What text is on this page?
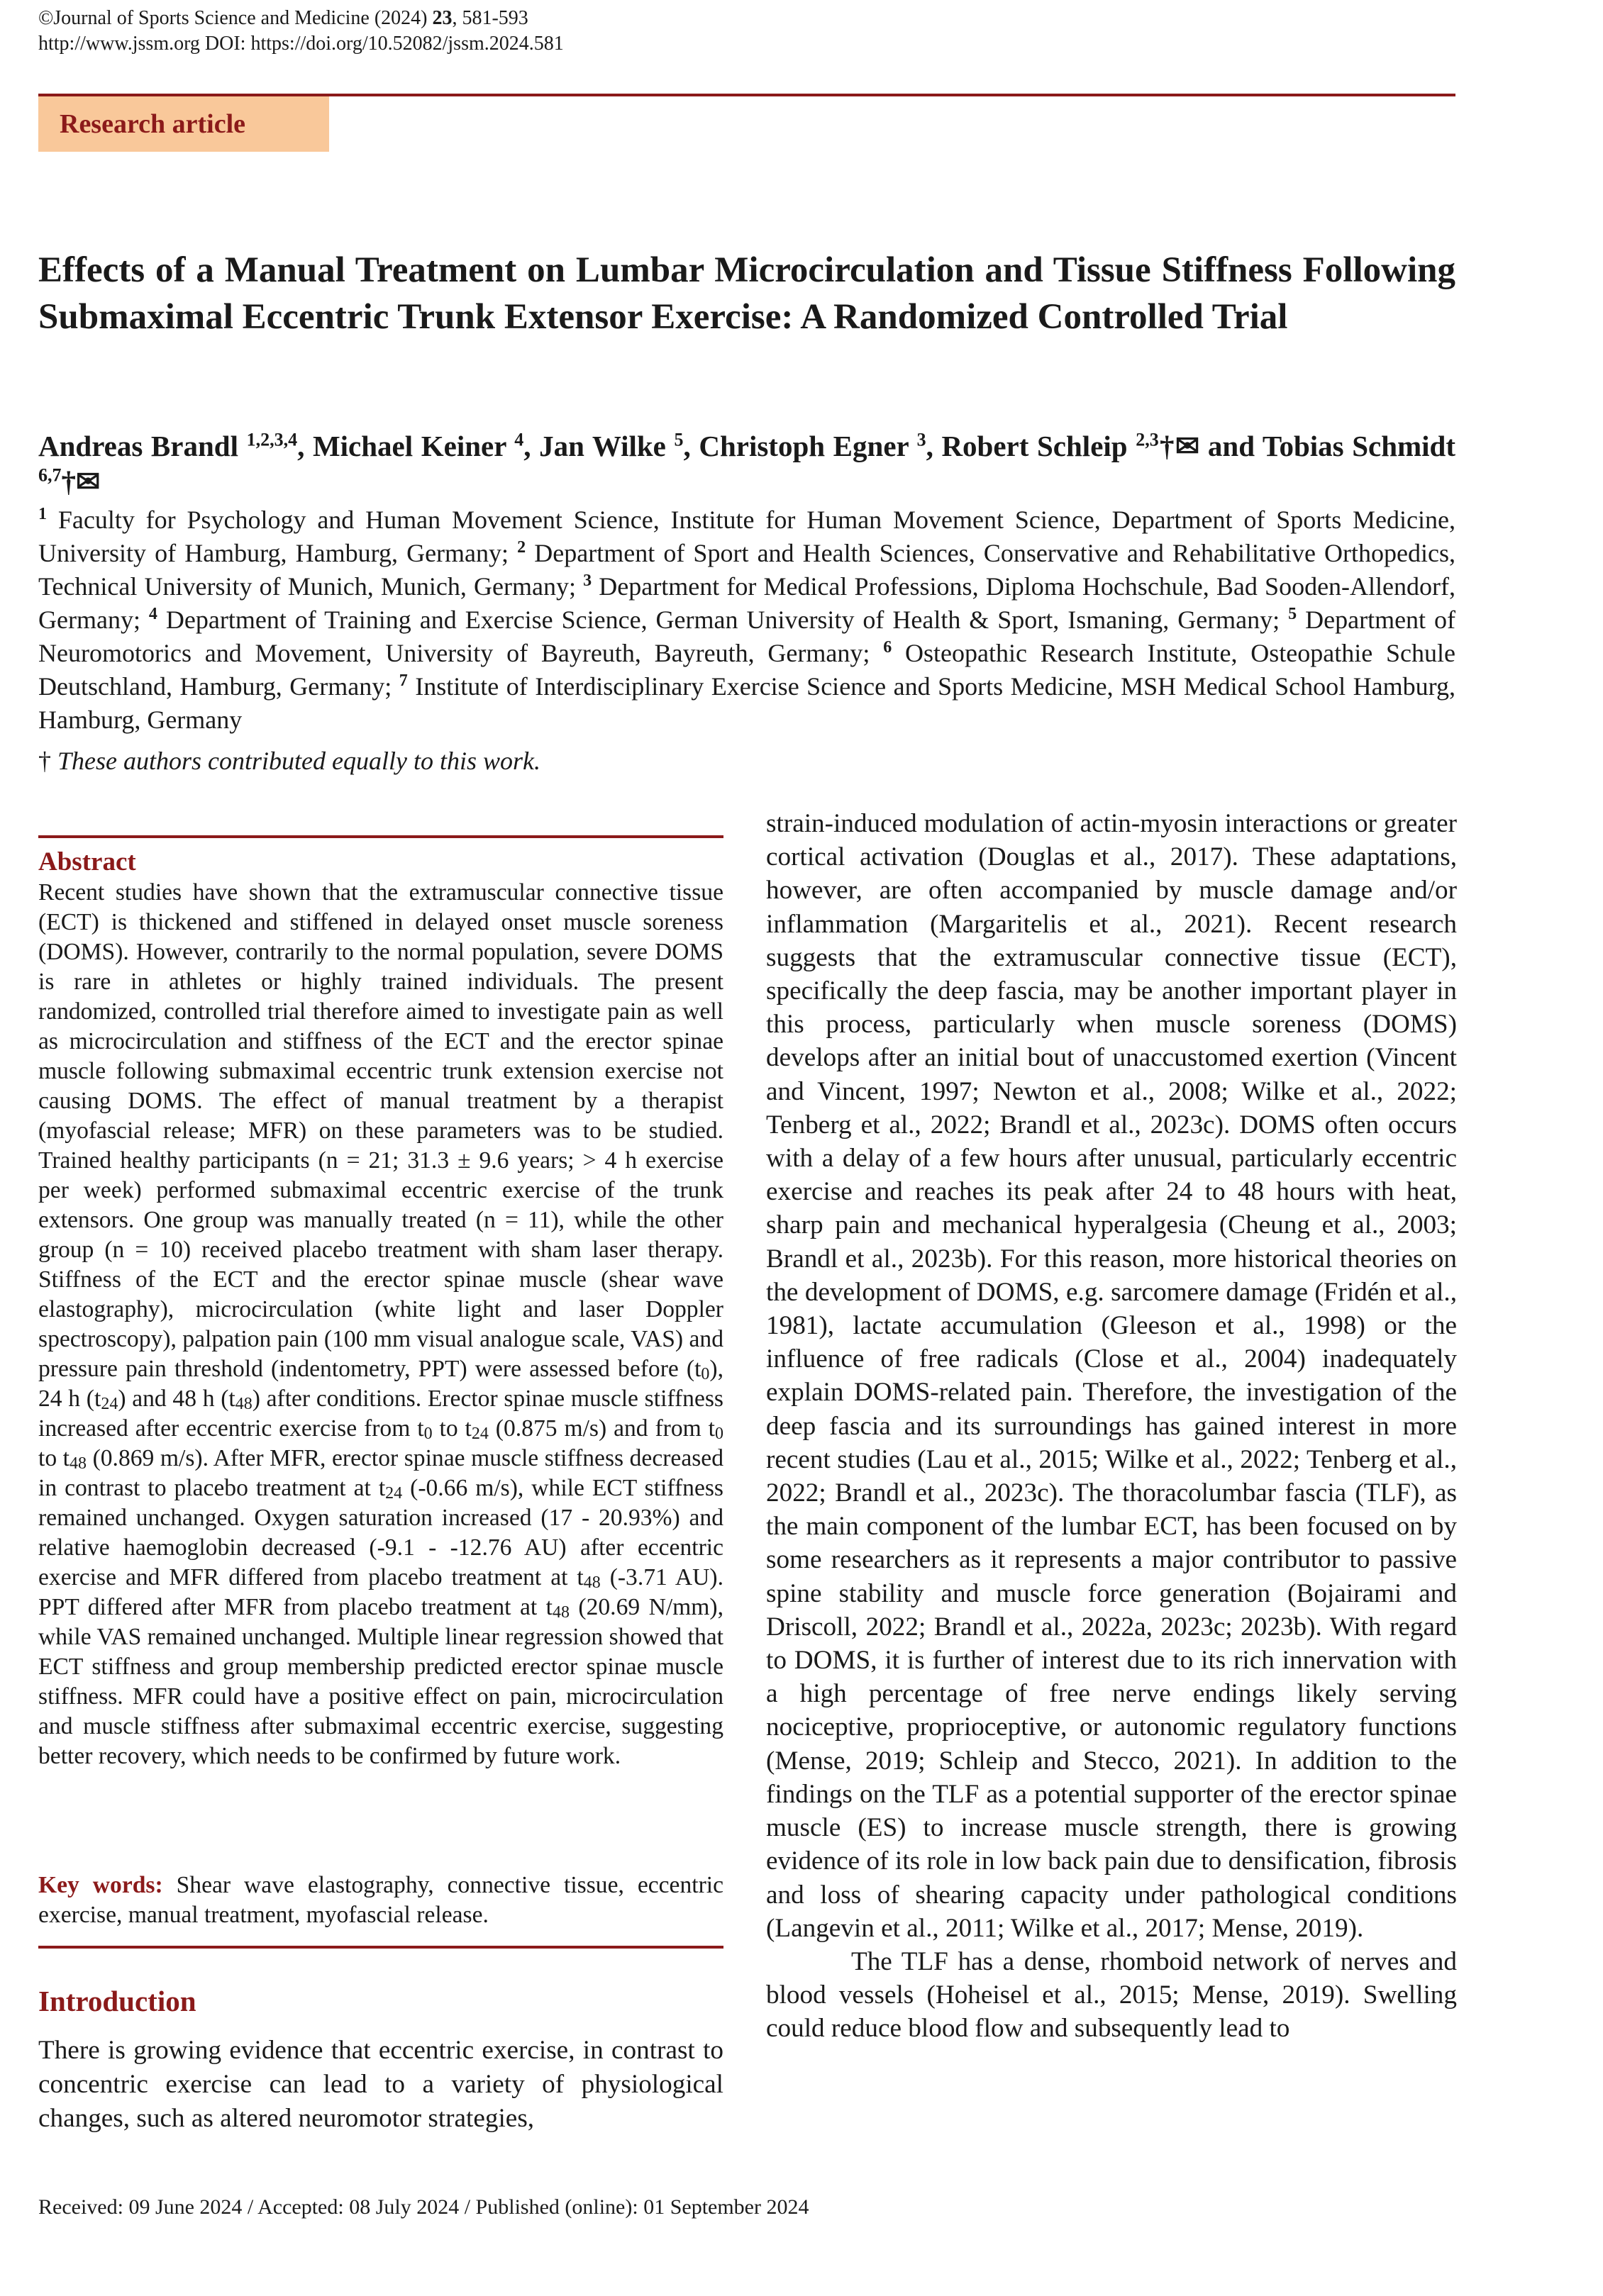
©Journal of Sports Science and Medicine (2024) 23, 581-593
http://www.jssm.org DOI: https://doi.org/10.52082/jssm.2024.581
Research article
Effects of a Manual Treatment on Lumbar Microcirculation and Tissue Stiffness Following Submaximal Eccentric Trunk Extensor Exercise: A Randomized Controlled Trial
Andreas Brandl $^{1,2,3,4}$, Michael Keiner $^4$, Jan Wilke $^5$, Christoph Egner $^3$, Robert Schleip $^{2,3}$†✉ and Tobias Schmidt $^{6,7}$†✉
$^1$ Faculty for Psychology and Human Movement Science, Institute for Human Movement Science, Department of Sports Medicine, University of Hamburg, Hamburg, Germany; $^2$ Department of Sport and Health Sciences, Conservative and Rehabilitative Orthopedics, Technical University of Munich, Munich, Germany; $^3$ Department for Medical Professions, Diploma Hochschule, Bad Sooden-Allendorf, Germany; $^4$ Department of Training and Exercise Science, German University of Health & Sport, Ismaning, Germany; $^5$ Department of Neuromotorics and Movement, University of Bayreuth, Bayreuth, Germany; $^6$ Osteopathic Research Institute, Osteopathie Schule Deutschland, Hamburg, Germany; $^7$ Institute of Interdisciplinary Exercise Science and Sports Medicine, MSH Medical School Hamburg, Hamburg, Germany
† These authors contributed equally to this work.
Abstract
Recent studies have shown that the extramuscular connective tissue (ECT) is thickened and stiffened in delayed onset muscle soreness (DOMS). However, contrarily to the normal population, severe DOMS is rare in athletes or highly trained individuals. The present randomized, controlled trial therefore aimed to investigate pain as well as microcirculation and stiffness of the ECT and the erector spinae muscle following submaximal eccentric trunk extension exercise not causing DOMS. The effect of manual treatment by a therapist (myofascial release; MFR) on these parameters was to be studied. Trained healthy participants (n = 21; 31.3 ± 9.6 years; > 4 h exercise per week) performed submaximal eccentric exercise of the trunk extensors. One group was manually treated (n = 11), while the other group (n = 10) received placebo treatment with sham laser therapy. Stiffness of the ECT and the erector spinae muscle (shear wave elastography), microcirculation (white light and laser Doppler spectroscopy), palpation pain (100 mm visual analogue scale, VAS) and pressure pain threshold (indentometry, PPT) were assessed before (t0), 24 h (t24) and 48 h (t48) after conditions. Erector spinae muscle stiffness increased after eccentric exercise from t0 to t24 (0.875 m/s) and from t0 to t48 (0.869 m/s). After MFR, erector spinae muscle stiffness decreased in contrast to placebo treatment at t24 (-0.66 m/s), while ECT stiffness remained unchanged. Oxygen saturation increased (17 - 20.93%) and relative haemoglobin decreased (-9.1 - -12.76 AU) after eccentric exercise and MFR differed from placebo treatment at t48 (-3.71 AU). PPT differed after MFR from placebo treatment at t48 (20.69 N/mm), while VAS remained unchanged. Multiple linear regression showed that ECT stiffness and group membership predicted erector spinae muscle stiffness. MFR could have a positive effect on pain, microcirculation and muscle stiffness after submaximal eccentric exercise, suggesting better recovery, which needs to be confirmed by future work.
Key words: Shear wave elastography, connective tissue, eccentric exercise, manual treatment, myofascial release.
Introduction
There is growing evidence that eccentric exercise, in contrast to concentric exercise can lead to a variety of physiological changes, such as altered neuromotor strategies,

strain-induced modulation of actin-myosin interactions or greater cortical activation (Douglas et al., 2017). These adaptations, however, are often accompanied by muscle damage and/or inflammation (Margaritelis et al., 2021). Recent research suggests that the extramuscular connective tissue (ECT), specifically the deep fascia, may be another important player in this process, particularly when muscle soreness (DOMS) develops after an initial bout of unaccustomed exertion (Vincent and Vincent, 1997; Newton et al., 2008; Wilke et al., 2022; Tenberg et al., 2022; Brandl et al., 2023c). DOMS often occurs with a delay of a few hours after unusual, particularly eccentric exercise and reaches its peak after 24 to 48 hours with heat, sharp pain and mechanical hyperalgesia (Cheung et al., 2003; Brandl et al., 2023b). For this reason, more historical theories on the development of DOMS, e.g. sarcomere damage (Fridén et al., 1981), lactate accumulation (Gleeson et al., 1998) or the influence of free radicals (Close et al., 2004) inadequately explain DOMS-related pain. Therefore, the investigation of the deep fascia and its surroundings has gained interest in more recent studies (Lau et al., 2015; Wilke et al., 2022; Tenberg et al., 2022; Brandl et al., 2023c). The thoracolumbar fascia (TLF), as the main component of the lumbar ECT, has been focused on by some researchers as it represents a major contributor to passive spine stability and muscle force generation (Bojairami and Driscoll, 2022; Brandl et al., 2022a, 2023c; 2023b). With regard to DOMS, it is further of interest due to its rich innervation with a high percentage of free nerve endings likely serving nociceptive, proprioceptive, or autonomic regulatory functions (Mense, 2019; Schleip and Stecco, 2021). In addition to the findings on the TLF as a potential supporter of the erector spinae muscle (ES) to increase muscle strength, there is growing evidence of its role in low back pain due to densification, fibrosis and loss of shearing capacity under pathological conditions (Langevin et al., 2011; Wilke et al., 2017; Mense, 2019).

The TLF has a dense, rhomboid network of nerves and blood vessels (Hoheisel et al., 2015; Mense, 2019). Swelling could reduce blood flow and subsequently lead to

Received: 09 June 2024 / Accepted: 08 July 2024 / Published (online): 01 September 2024
